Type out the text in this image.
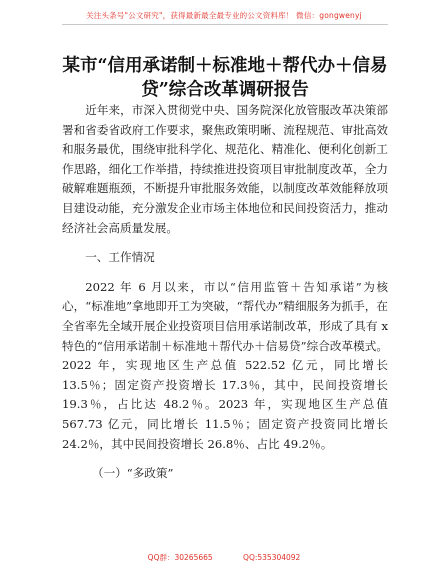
关注头条号"公文研究"，获得最新最全最专业的公文资料库！ 微信：gongwenyj
某市“信用承诺制＋标准地＋帮代办＋信易
贷”综合改革调研报告

近年来，市深入贯彻党中央、国务院深化放管服改革决策部署和省委省政府工作要求，聚焦政策明晰、流程规范、审批高效和服务最优，围绕审批科学化、规范化、精准化、便利化创新工作思路，细化工作举措，持续推进投资项目审批制度改革，全力破解难题瓶颈，不断提升审批服务效能，以制度改革效能释放项目建设动能，充分激发企业市场主体地位和民间投资活力，推动经济社会高质量发展。

一、工作情况

2022 年 6 月以来，市以“信用监管＋告知承诺”为核心，“标准地”拿地即开工为突破，“帮代办”精细服务为抓手，在全省率先全域开展企业投资项目信用承诺制改革，形成了具有 x 特色的“信用承诺制＋标准地＋帮代办＋信易贷”综合改革模式。2022 年，实现地区生产总值 522.52 亿元，同比增长 13.5％；固定资产投资增长 17.3％，其中，民间投资增长 19.3％，占比达 48.2％。2023 年，实现地区生产总值 567.73 亿元，同比增长 11.5％；固定资产投资同比增长 24.2％，其中民间投资增长 26.8％、占比 49.2％。

（一）“多政策”

QQ群：30265665	QQ:535304092
